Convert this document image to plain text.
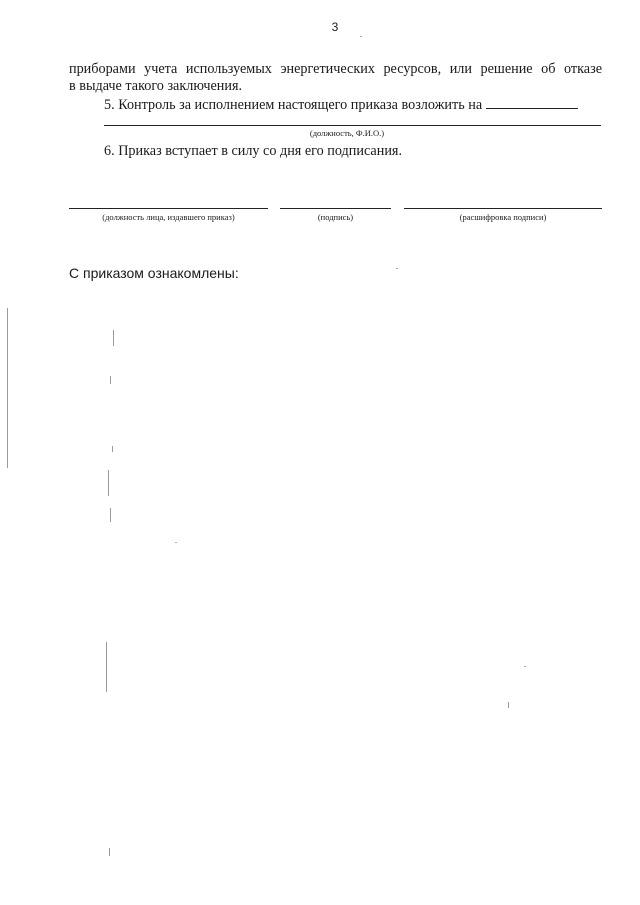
3
приборами учета используемых энергетических ресурсов, или решение об отказе
в выдаче такого заключения.
5. Контроль за исполнением настоящего приказа возложить на
(должность, Ф.И.О.)
6. Приказ вступает в силу со дня его подписания.
(должность лица, издавшего приказ)	(подпись)	(расшифровка подписи)
С приказом ознакомлены:
